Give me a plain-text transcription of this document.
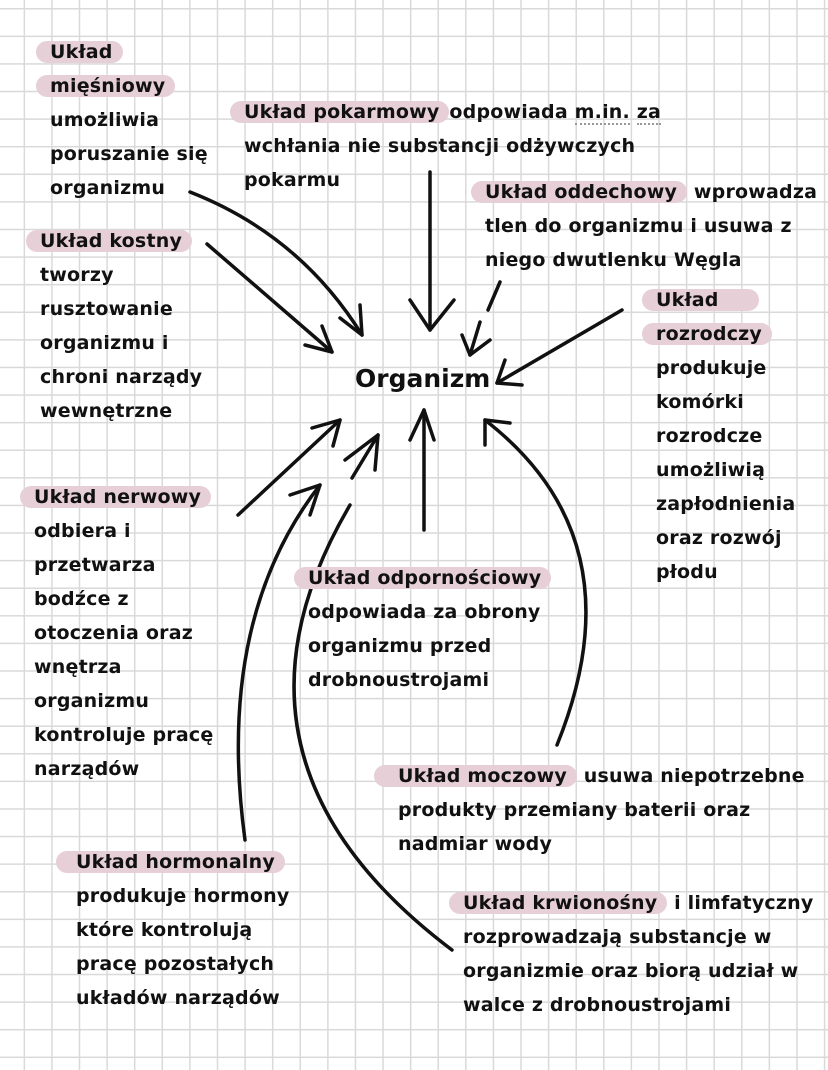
Organizm
Układ
mięśniowy
umożliwia
poruszanie się
organizmu
Układ pokarmowy odpowiada m.in. za
wchłania nie substancji odżywczych
pokarmu
Układ oddechowy wprowadza
tlen do organizmu i usuwa z
niego dwutlenku Węgla
Układ kostny
tworzy
rusztowanie
organizmu i
chroni narządy
wewnętrzne
Układ
rozrodczy
produkuje
komórki
rozrodcze
umożliwią
zapłodnienia
oraz rozwój
płodu
Układ nerwowy
odbiera i
przetwarza
bodźce z
otoczenia oraz
wnętrza
organizmu
kontroluje pracę
narządów
Układ odpornościowy
odpowiada za obrony
organizmu przed
drobnoustrojami
Układ moczowy usuwa niepotrzebne
produkty przemiany baterii oraz
nadmiar wody
Układ hormonalny
produkuje hormony
które kontrolują
pracę pozostałych
układów narządów
Układ krwionośny i limfatyczny
rozprowadzają substancje w
organizmie oraz biorą udział w
walce z drobnoustrojami
